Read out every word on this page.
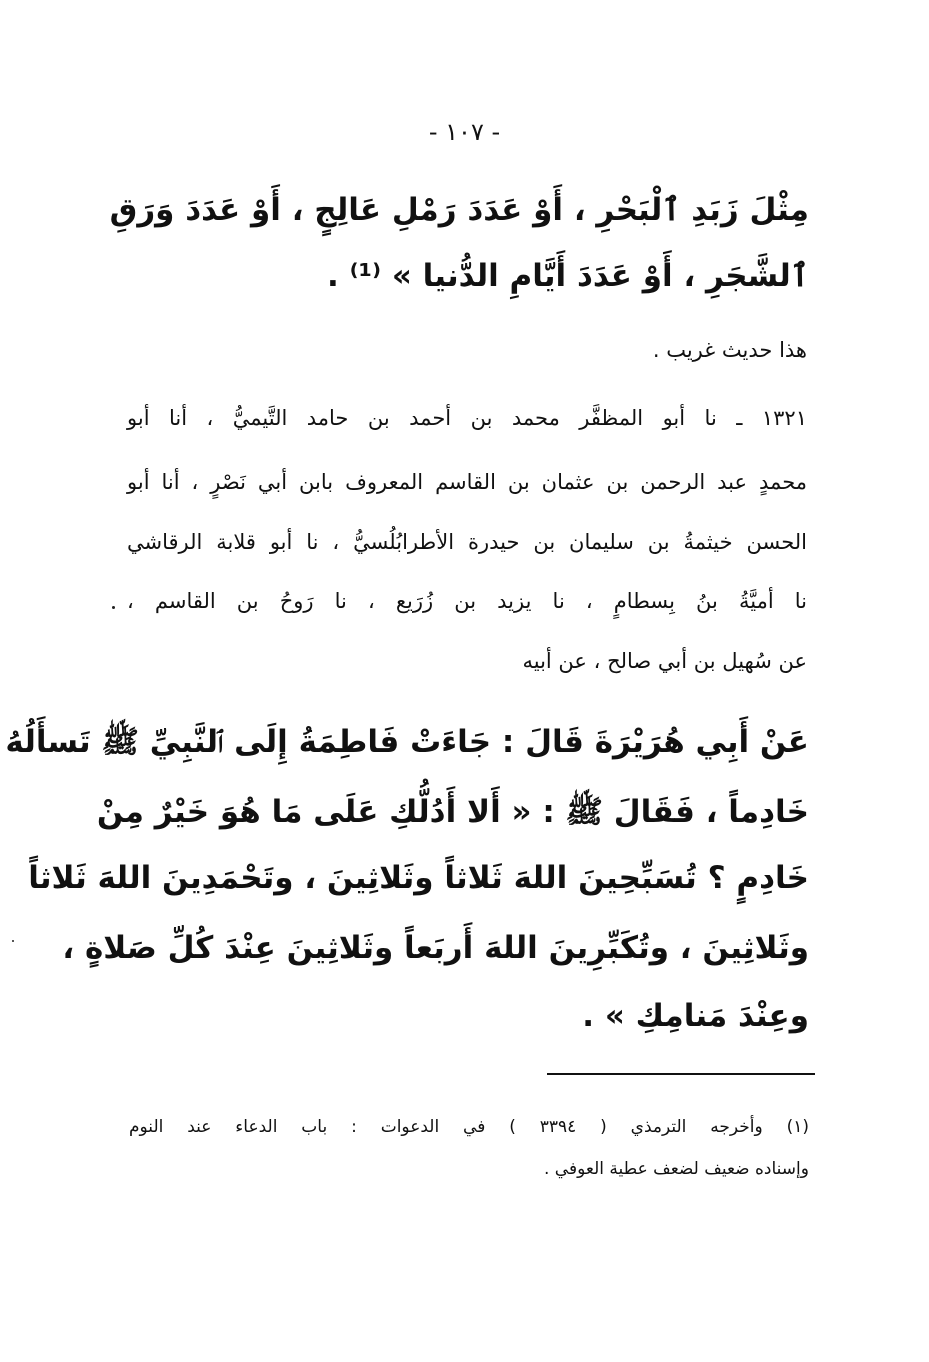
- ١٠٧ -
مِثْلَ زَبَدِ ٱلْبَحْرِ ، أَوْ عَدَدَ رَمْلِ عَالِجٍ ، أَوْ عَدَدَ وَرَقِ
ٱلشَّجَرِ ، أَوْ عَدَدَ أَيَّامِ الدُّنيا » ⁽¹⁾ .
هذا حديث غريب .
١٣٢١ ـ نا أبو المظفَّر محمد بن أحمد بن حامد التَّيميُّ ، أنا أبو
محمدٍ عبد الرحمن بن عثمان بن القاسم المعروف بابن أبي نَصْرٍ ، أنا أبو
الحسن خيثمةُ بن سليمان بن حيدرة الأطرابُلُسيُّ ، نا أبو قلابة الرقاشي
نا أميَّةُ بنُ بِسطامٍ ، نا يزيد بن زُرَيع ، نا رَوحُ بن القاسم ،
عن سُهيل بن أبي صالح ، عن أبيه
عَنْ أَبِي هُرَيْرَةَ قَالَ : جَاءَتْ فَاطِمَةُ إِلَى ٱلنَّبِيِّ ﷺ تَسأَلُهُ
خَادِماً ، فَقَالَ ﷺ : « أَلا أَدُلُّكِ عَلَى مَا هُوَ خَيْرٌ مِنْ
خَادِمٍ ؟ تُسَبِّحِينَ اللهَ ثَلاثاً وثَلاثِينَ ، وتَحْمَدِينَ اللهَ ثَلاثاً
وثَلاثِينَ ، وتُكَبِّرِينَ اللهَ أَربَعاً وثَلاثِينَ عِنْدَ كُلِّ صَلاةٍ ،
وعِنْدَ مَنامِكِ » .
(١) وأخرجه الترمذي ( ٣٣٩٤ ) في الدعوات : باب الدعاء عند النوم
وإسناده ضعيف لضعف عطية العوفي .
